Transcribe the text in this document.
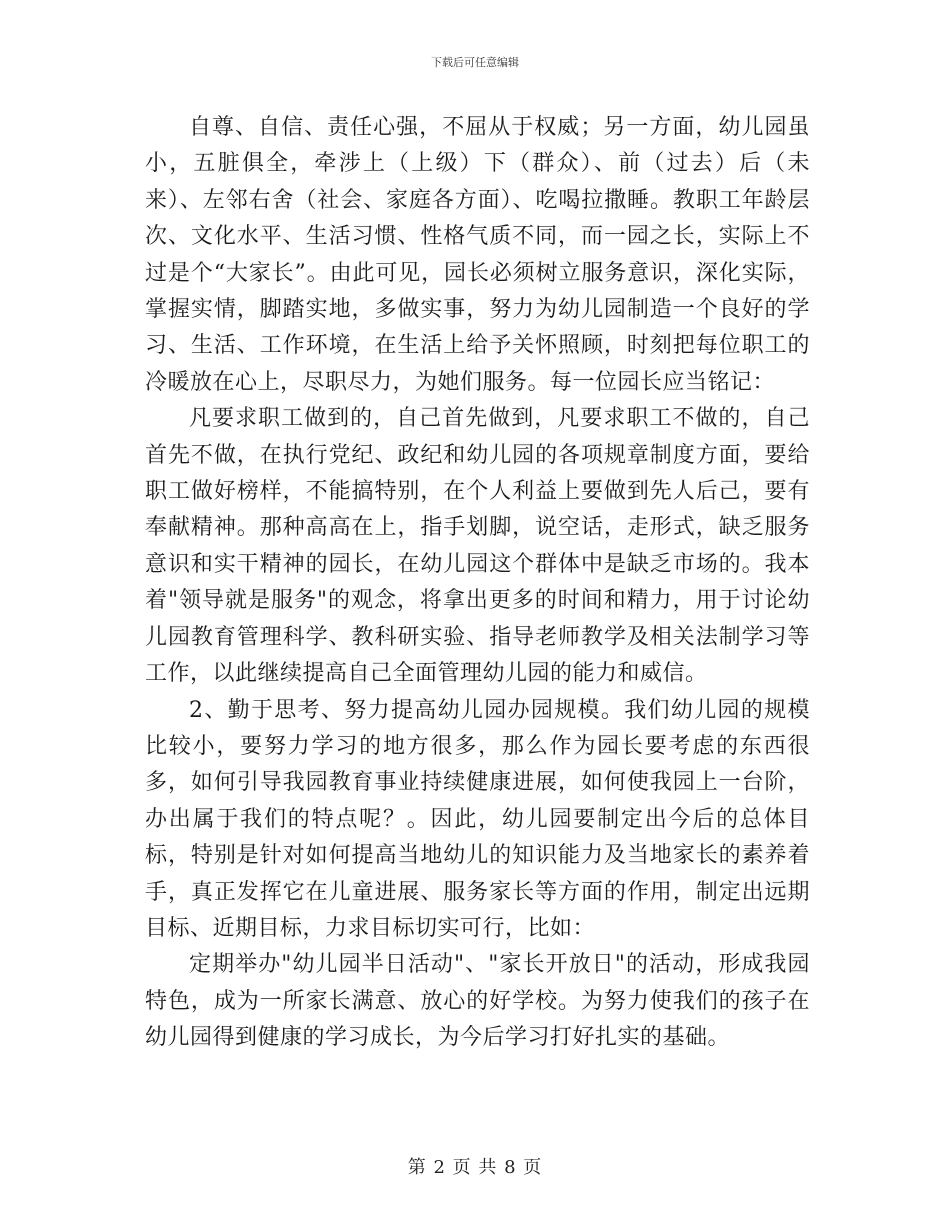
下载后可任意编辑

自尊、自信、责任心强，不屈从于权威；另一方面，幼儿园虽小，五脏俱全，牵涉上（上级）下（群众）、前（过去）后（未来）、左邻右舍（社会、家庭各方面）、吃喝拉撒睡。教职工年龄层次、文化水平、生活习惯、性格气质不同，而一园之长，实际上不过是个“大家长”。由此可见，园长必须树立服务意识，深化实际，掌握实情，脚踏实地，多做实事，努力为幼儿园制造一个良好的学习、生活、工作环境，在生活上给予关怀照顾，时刻把每位职工的冷暖放在心上，尽职尽力，为她们服务。每一位园长应当铭记：

凡要求职工做到的，自己首先做到，凡要求职工不做的，自己首先不做，在执行党纪、政纪和幼儿园的各项规章制度方面，要给职工做好榜样，不能搞特别，在个人利益上要做到先人后己，要有奉献精神。那种高高在上，指手划脚，说空话，走形式，缺乏服务意识和实干精神的园长，在幼儿园这个群体中是缺乏市场的。我本着"领导就是服务"的观念，将拿出更多的时间和精力，用于讨论幼儿园教育管理科学、教科研实验、指导老师教学及相关法制学习等工作，以此继续提高自己全面管理幼儿园的能力和威信。

2、勤于思考、努力提高幼儿园办园规模。我们幼儿园的规模比较小，要努力学习的地方很多，那么作为园长要考虑的东西很多，如何引导我园教育事业持续健康进展，如何使我园上一台阶，办出属于我们的特点呢？。因此，幼儿园要制定出今后的总体目标，特别是针对如何提高当地幼儿的知识能力及当地家长的素养着手，真正发挥它在儿童进展、服务家长等方面的作用，制定出远期目标、近期目标，力求目标切实可行，比如：

定期举办"幼儿园半日活动"、"家长开放日"的活动，形成我园特色，成为一所家长满意、放心的好学校。为努力使我们的孩子在幼儿园得到健康的学习成长，为今后学习打好扎实的基础。

第 2 页 共 8 页
